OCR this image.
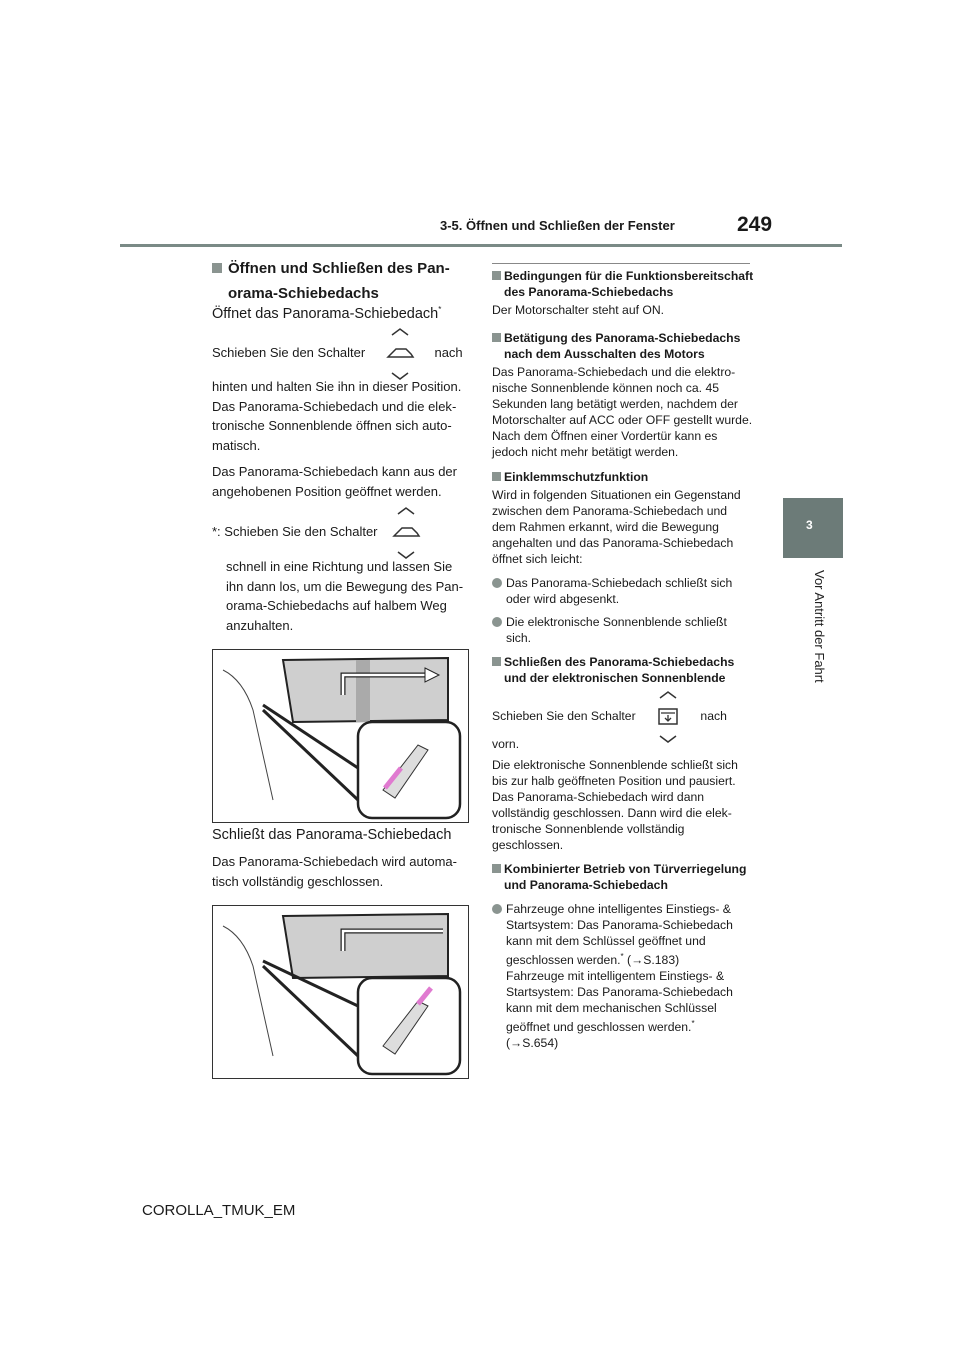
3-5. Öffnen und Schließen der Fenster	249
3
Vor Antritt der Fahrt
Öffnen und Schließen des Pan-
orama-Schiebedachs
Öffnet das Panorama-Schiebedach*
Schieben Sie den Schalter	nach
hinten und halten Sie ihn in dieser Position. Das Panorama-Schiebedach und die elektronische Sonnenblende öffnen sich automatisch.
Das Panorama-Schiebedach kann aus der angehobenen Position geöffnet werden.
*: Schieben Sie den Schalter
schnell in eine Richtung und lassen Sie ihn dann los, um die Bewegung des Panorama-Schiebedachs auf halbem Weg anzuhalten.
Schließt das Panorama-Schiebedach
Das Panorama-Schiebedach wird automatisch vollständig geschlossen.
Bedingungen für die Funktionsbereitschaft des Panorama-Schiebedachs
Der Motorschalter steht auf ON.
Betätigung des Panorama-Schiebedachs nach dem Ausschalten des Motors
Das Panorama-Schiebedach und die elektronische Sonnenblende können noch ca. 45 Sekunden lang betätigt werden, nachdem der Motorschalter auf ACC oder OFF gestellt wurde. Nach dem Öffnen einer Vordertür kann es jedoch nicht mehr betätigt werden.
Einklemmschutzfunktion
Wird in folgenden Situationen ein Gegenstand zwischen dem Panorama-Schiebedach und dem Rahmen erkannt, wird die Bewegung angehalten und das Panorama-Schiebedach öffnet sich leicht:
Das Panorama-Schiebedach schließt sich oder wird abgesenkt.
Die elektronische Sonnenblende schließt sich.
Schließen des Panorama-Schiebedachs und der elektronischen Sonnenblende
Schieben Sie den Schalter	nach
vorn.
Die elektronische Sonnenblende schließt sich bis zur halb geöffneten Position und pausiert. Das Panorama-Schiebedach wird dann vollständig geschlossen. Dann wird die elektronische Sonnenblende vollständig geschlossen.
Kombinierter Betrieb von Türverriegelung und Panorama-Schiebedach
Fahrzeuge ohne intelligentes Einstiegs- & Startsystem: Das Panorama-Schiebedach kann mit dem Schlüssel geöffnet und geschlossen werden.* (→S.183)
Fahrzeuge mit intelligentem Einstiegs- & Startsystem: Das Panorama-Schiebedach kann mit dem mechanischen Schlüssel geöffnet und geschlossen werden.*
(→S.654)
COROLLA_TMUK_EM
